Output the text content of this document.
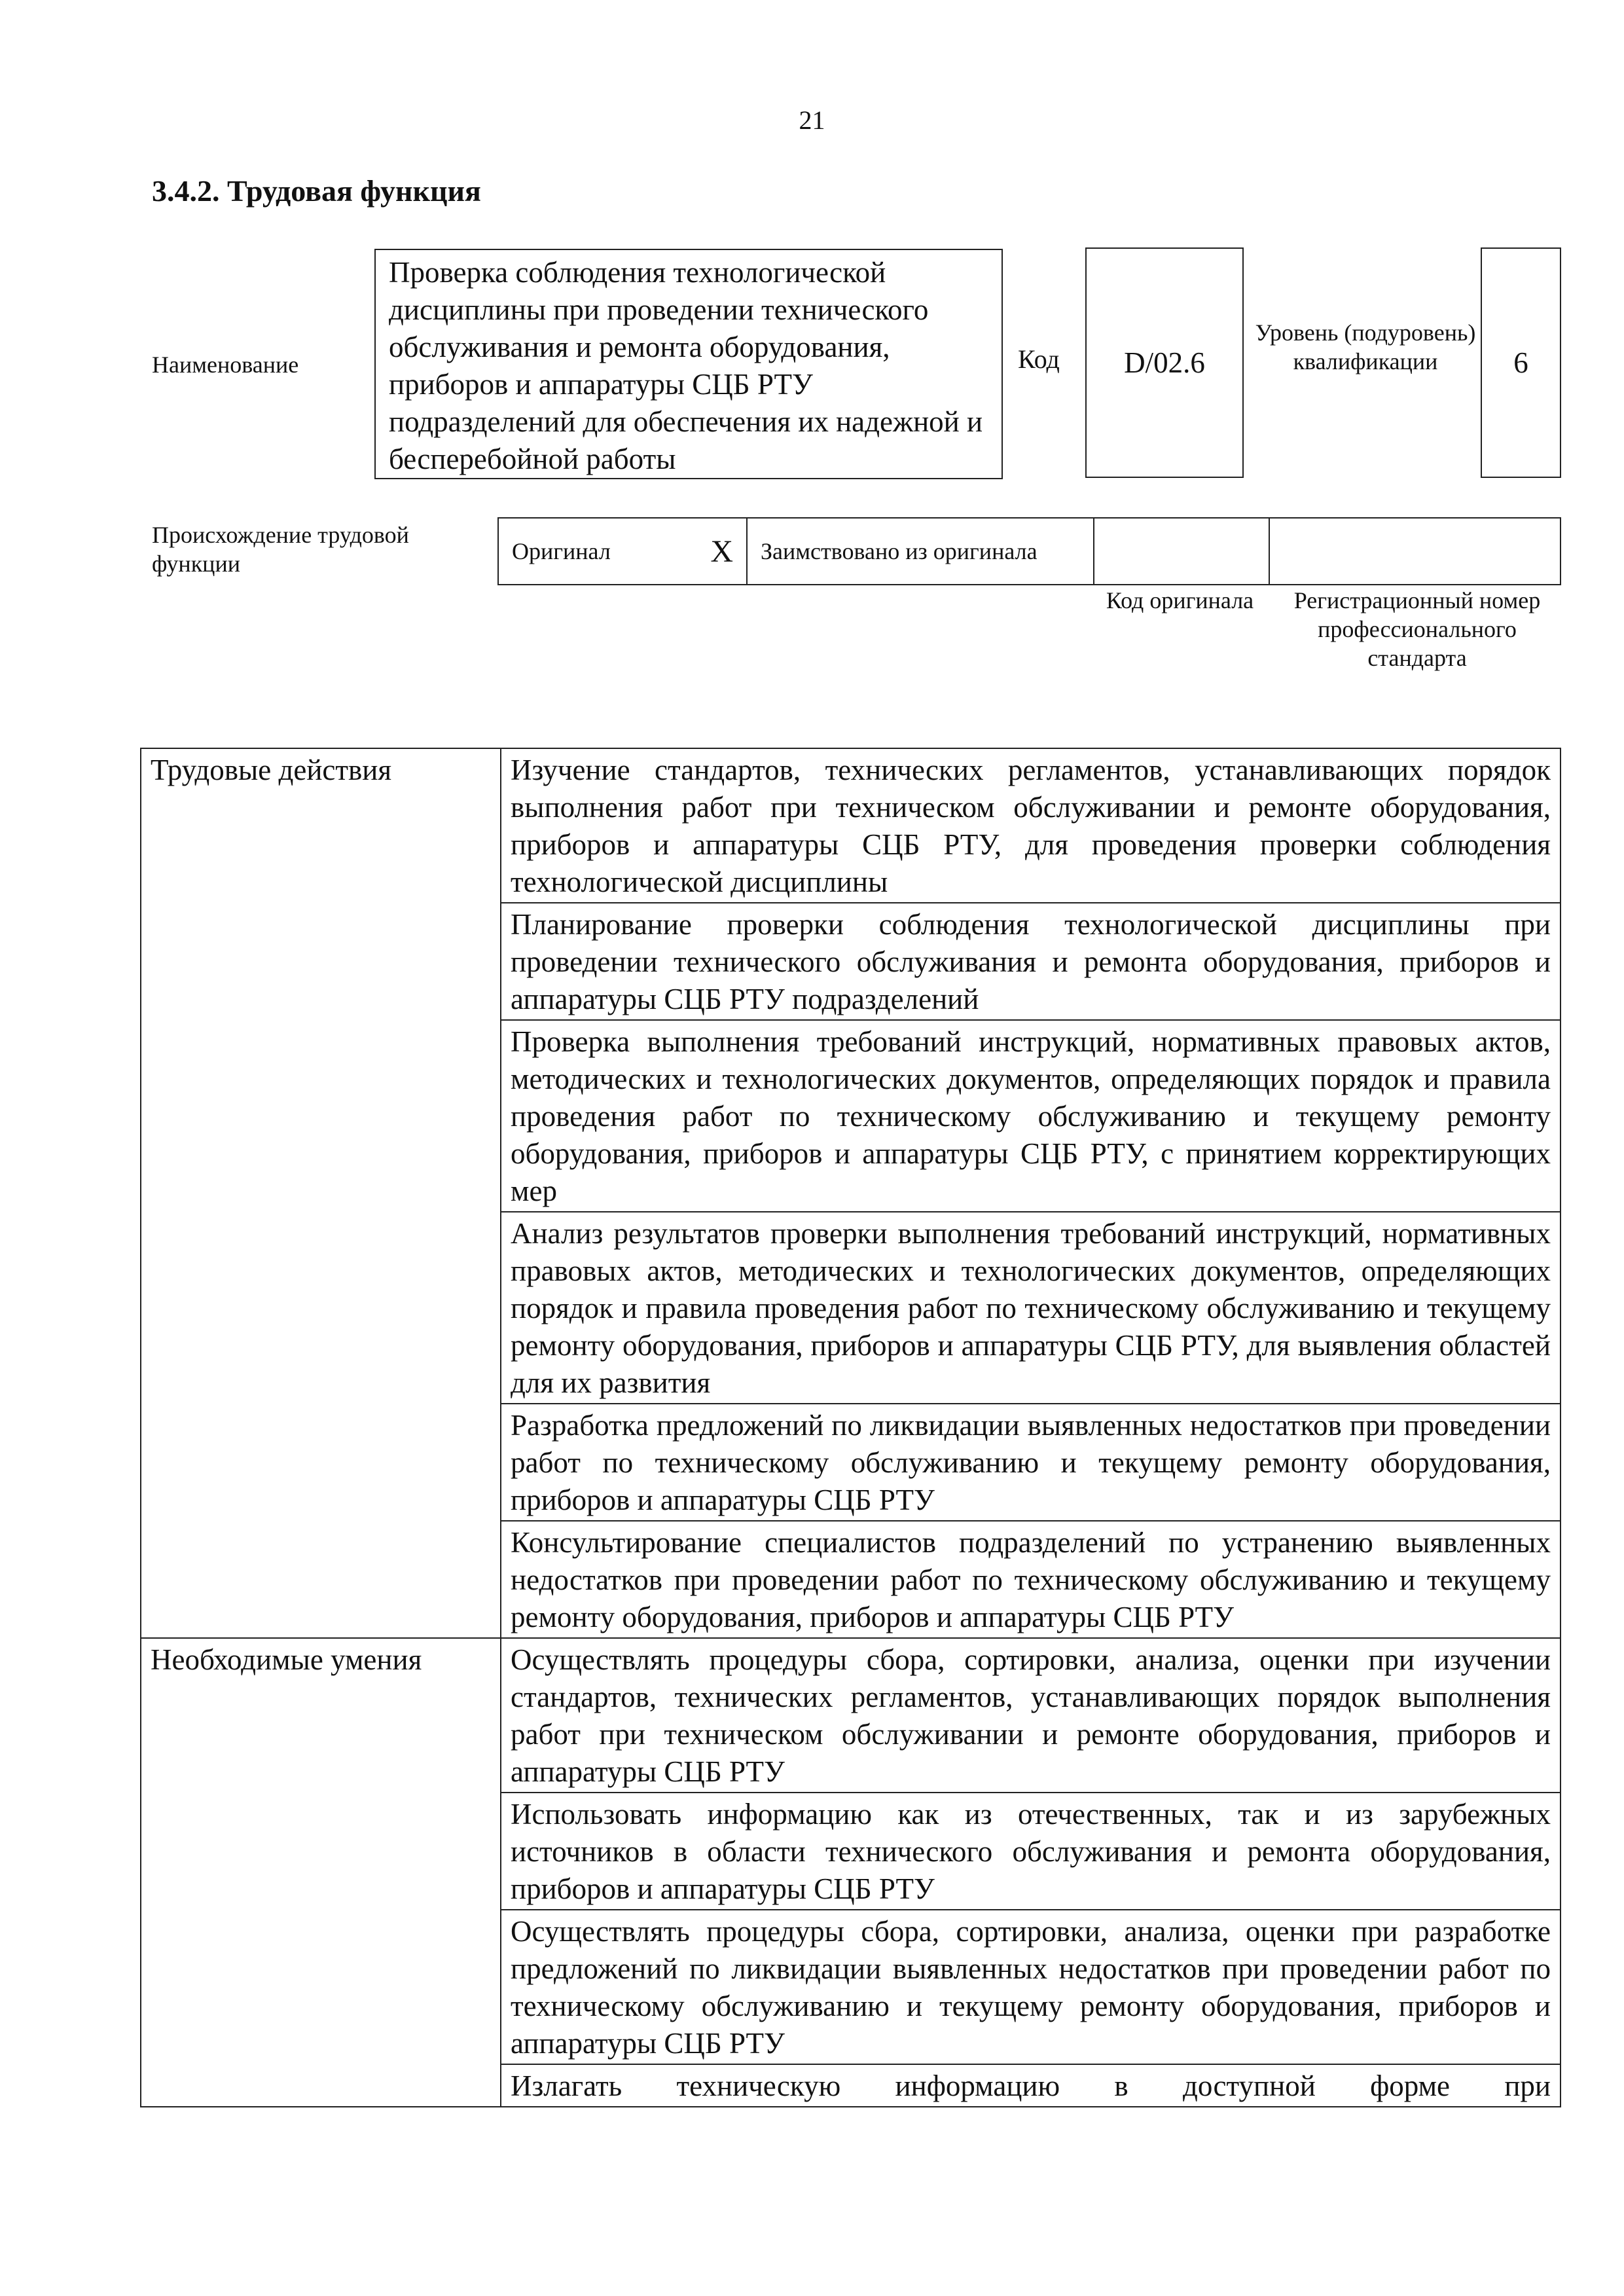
21
3.4.2. Трудовая функция
Наименование
Проверка соблюдения технологической дисциплины при проведении технического обслуживания и ремонта оборудования, приборов и аппаратуры СЦБ РТУ подразделений для обеспечения их надежной и бесперебойной работы
Код D/02.6
Уровень (подуровень) квалификации	6
Происхождение трудовой функции	Оригинал	X Заимствовано из оригинала
Код оригинала	Регистрационный номер профессионального стандарта
Трудовые действия	Изучение стандартов, технических регламентов, устанавливающих порядок выполнения работ при техническом обслуживании и ремонте оборудования, приборов и аппаратуры СЦБ РТУ, для проведения проверки соблюдения технологической дисциплины
	Планирование проверки соблюдения технологической дисциплины при проведении технического обслуживания и ремонта оборудования, приборов и аппаратуры СЦБ РТУ подразделений
	Проверка выполнения требований инструкций, нормативных правовых актов, методических и технологических документов, определяющих порядок и правила проведения работ по техническому обслуживанию и текущему ремонту оборудования, приборов и аппаратуры СЦБ РТУ, с принятием корректирующих мер
	Анализ результатов проверки выполнения требований инструкций, нормативных правовых актов, методических и технологических документов, определяющих порядок и правила проведения работ по техническому обслуживанию и текущему ремонту оборудования, приборов и аппаратуры СЦБ РТУ, для выявления областей для их развития
	Разработка предложений по ликвидации выявленных недостатков при проведении работ по техническому обслуживанию и текущему ремонту оборудования, приборов и аппаратуры СЦБ РТУ
	Консультирование специалистов подразделений по устранению выявленных недостатков при проведении работ по техническому обслуживанию и текущему ремонту оборудования, приборов и аппаратуры СЦБ РТУ
Необходимые умения	Осуществлять процедуры сбора, сортировки, анализа, оценки при изучении стандартов, технических регламентов, устанавливающих порядок выполнения работ при техническом обслуживании и ремонте оборудования, приборов и аппаратуры СЦБ РТУ
	Использовать информацию как из отечественных, так и из зарубежных источников в области технического обслуживания и ремонта оборудования, приборов и аппаратуры СЦБ РТУ
	Осуществлять процедуры сбора, сортировки, анализа, оценки при разработке предложений по ликвидации выявленных недостатков при проведении работ по техническому обслуживанию и текущему ремонту оборудования, приборов и аппаратуры СЦБ РТУ
	Излагать техническую информацию в доступной форме при
